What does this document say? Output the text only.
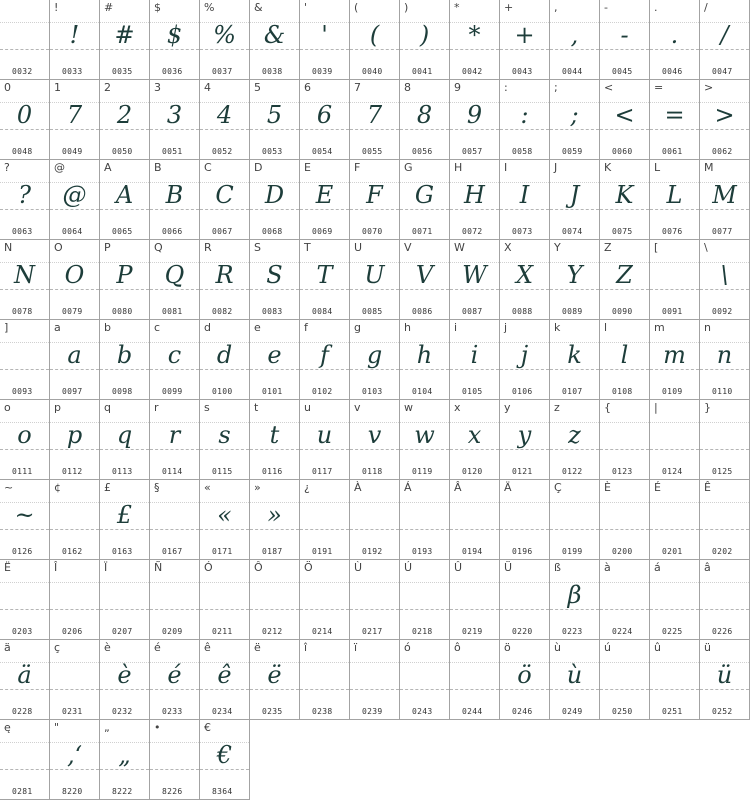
0032
!
!
0033
#
#
0035
$
$
0036
%
%
0037
&
&
0038
'
'
0039
(
(
0040
)
)
0041
*
*
0042
+
+
0043
,
,
0044
-
-
0045
.
.
0046
/
/
0047
0
0
0048
1
7
0049
2
2
0050
3
3
0051
4
4
0052
5
5
0053
6
6
0054
7
7
0055
8
8
0056
9
9
0057
:
:
0058
;
;
0059
<
<
0060
=
=
0061
>
>
0062
?
?
0063
@
@
0064
A
A
0065
B
B
0066
C
C
0067
D
D
0068
E
E
0069
F
F
0070
G
G
0071
H
H
0072
I
I
0073
J
J
0074
K
K
0075
L
L
0076
M
M
0077
N
N
0078
O
O
0079
P
P
0080
Q
Q
0081
R
R
0082
S
S
0083
T
T
0084
U
U
0085
V
V
0086
W
W
0087
X
X
0088
Y
Y
0089
Z
Z
0090
[
0091
\
\
0092
]
0093
a
a
0097
b
b
0098
c
c
0099
d
d
0100
e
e
0101
f
f
0102
g
g
0103
h
h
0104
i
i
0105
j
j
0106
k
k
0107
l
l
0108
m
m
0109
n
n
0110
o
o
0111
p
p
0112
q
q
0113
r
r
0114
s
s
0115
t
t
0116
u
u
0117
v
v
0118
w
w
0119
x
x
0120
y
y
0121
z
z
0122
{
0123
|
0124
}
0125
~
~
0126
¢
0162
£
£
0163
§
0167
«
«
0171
»
»
0187
¿
0191
À
0192
Á
0193
Â
0194
Ä
0196
Ç
0199
È
0200
É
0201
Ê
0202
Ë
0203
Î
0206
Ï
0207
Ñ
0209
Ó
0211
Ô
0212
Ö
0214
Ù
0217
Ú
0218
Û
0219
Ü
0220
ß
β
0223
à
0224
á
0225
â
0226
ä
ä
0228
ç
0231
è
è
0232
é
é
0233
ê
ê
0234
ë
ë
0235
î
0238
ï
0239
ó
0243
ô
0244
ö
ö
0246
ù
ù
0249
ú
0250
û
0251
ü
ü
0252
ę
0281
"
‚‘
8220
„
„
8222
•
8226
€
€
8364
